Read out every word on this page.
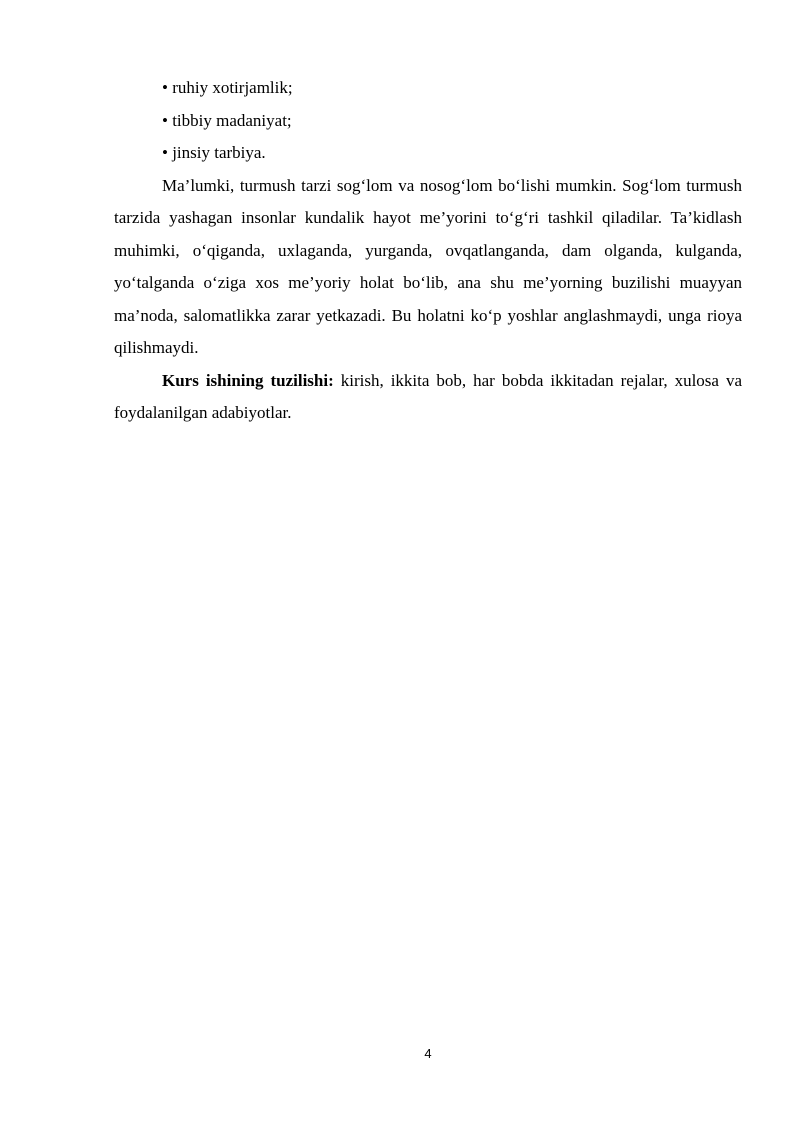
• ruhiy xotirjamlik;
• tibbiy madaniyat;
• jinsiy tarbiya.

Ma’lumki, turmush tarzi sog‘lom va nosog‘lom bo‘lishi mumkin. Sog‘lom turmush tarzida yashagan insonlar kundalik hayot me’yorini to‘g‘ri tashkil qiladilar. Ta’kidlash muhimki, o‘qiganda, uxlaganda, yurganda, ovqatlanganda, dam olganda, kulganda, yo‘talganda o‘ziga xos me’yoriy holat bo‘lib, ana shu me’yorning buzilishi muayyan ma’noda, salomatlikka zarar yetkazadi. Bu holatni ko‘p yoshlar anglashmaydi, unga rioya qilishmaydi.

Kurs ishining tuzilishi: kirish, ikkita bob, har bobda ikkitadan rejalar, xulosa va foydalanilgan adabiyotlar.

4
